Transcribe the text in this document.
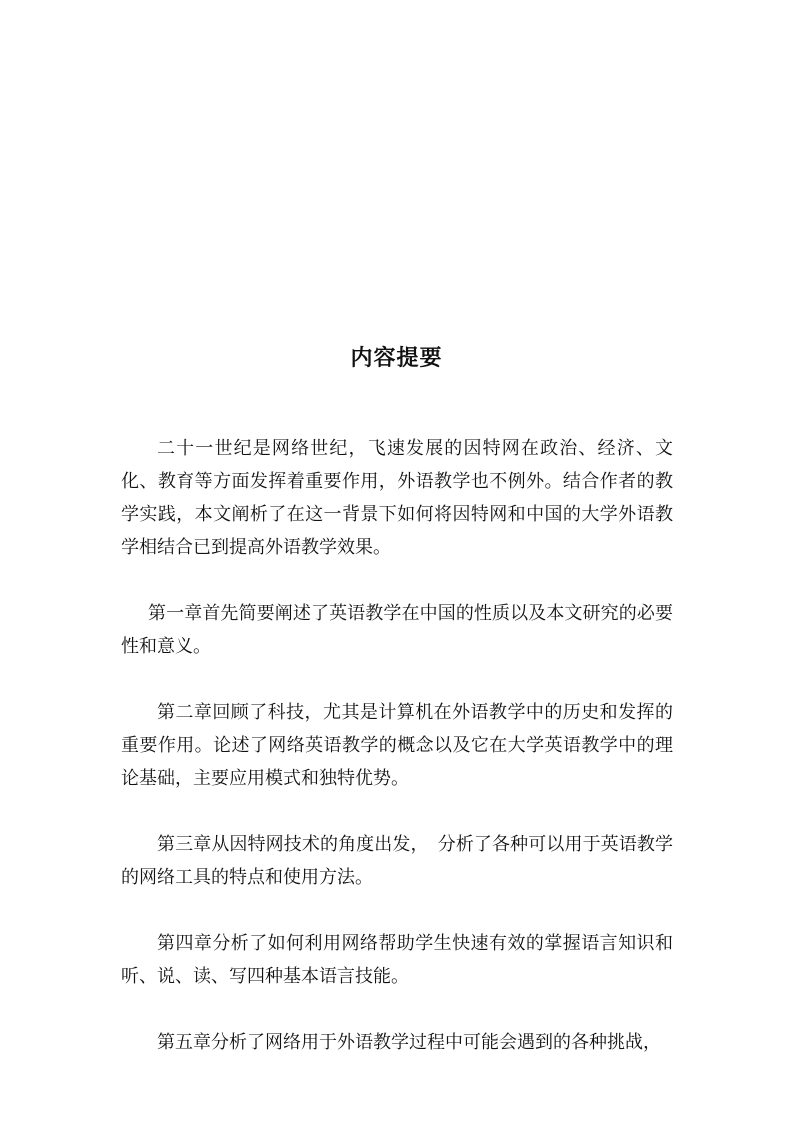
内容提要

二十一世纪是网络世纪，飞速发展的因特网在政治、经济、文化、教育等方面发挥着重要作用，外语教学也不例外。结合作者的教学实践，本文阐析了在这一背景下如何将因特网和中国的大学外语教学相结合已到提高外语教学效果。

第一章首先简要阐述了英语教学在中国的性质以及本文研究的必要性和意义。

第二章回顾了科技，尤其是计算机在外语教学中的历史和发挥的重要作用。论述了网络英语教学的概念以及它在大学英语教学中的理论基础，主要应用模式和独特优势。

第三章从因特网技术的角度出发，　分析了各种可以用于英语教学的网络工具的特点和使用方法。

第四章分析了如何利用网络帮助学生快速有效的掌握语言知识和听、说、读、写四种基本语言技能。

第五章分析了网络用于外语教学过程中可能会遇到的各种挑战，
